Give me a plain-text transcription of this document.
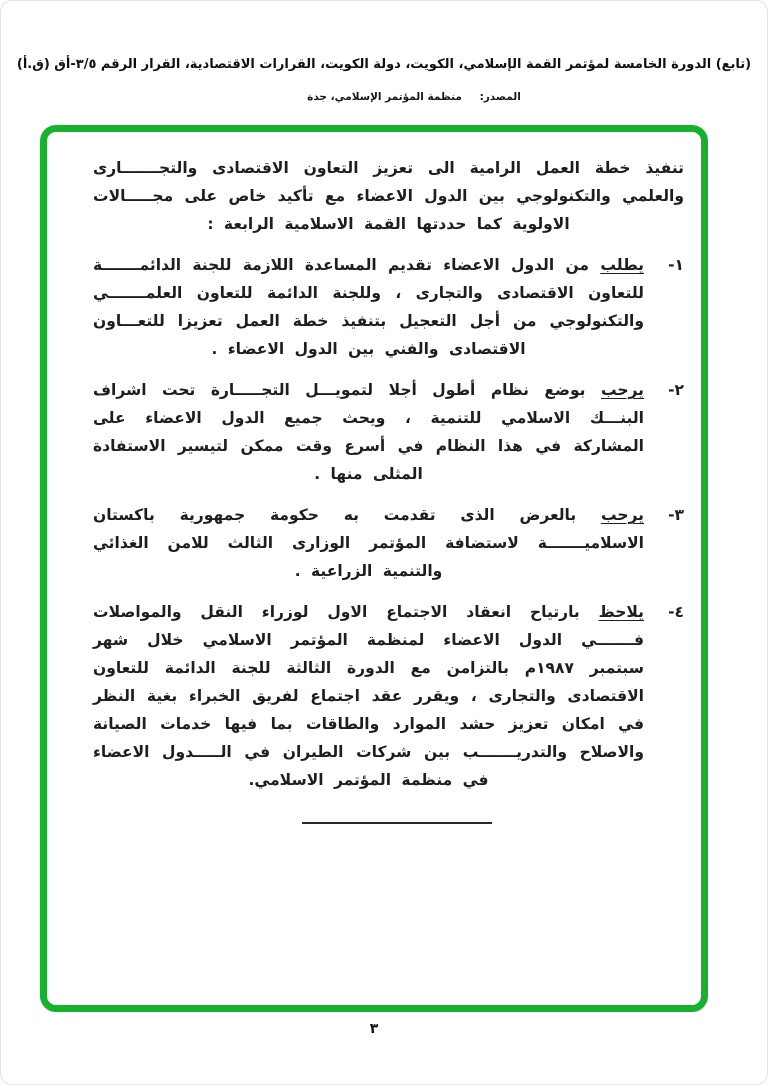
(تابع) الدورة الخامسة لمؤتمر القمة الإسلامي، الكويت، دولة الكويت، القرارات الاقتصادية، القرار الرقم ٣/٥-أق (ق.أ)
المصدر: منظمة المؤتمر الإسلامي، جدة

تنفيذ خطة العمل الرامية الى تعزيز التعاون الاقتصادى والتجـــــــارى والعلمي والتكنولوجي بين الدول الاعضاء مع تأكيد خاص على مجـــــالات

الاولوية كما حددتها القمة الاسلامية الرابعة :

١-
يطلب من الدول الاعضاء تقديم المساعدة اللازمة للجنة الدائمـــــــة للتعاون الاقتصادى والتجارى ، وللجنة الدائمة للتعاون العلمـــــــي والتكنولوجي من أجل التعجيل بتنفيذ خطة العمل تعزيزا للتعـــاون الاقتصادى والفني بين الدول الاعضاء .
٢-
يرحب بوضع نظام أطول أجلا لتمويـــل التجـــــارة تحت اشراف البنـــك الاسلامي للتنمية ، ويحث جميع الدول الاعضاء على المشاركة في هذا النظام في أسرع وقت ممكن لتيسير الاستفادة المثلى منها .
٣-
يرحب بالعرض الذى تقدمت به حكومة جمهورية باكستان الاسلاميـــــــة لاستضافة المؤتمر الوزارى الثالث للامن الغذائي والتنمية الزراعية .
٤-
يلاحظ بارتياح انعقاد الاجتماع الاول لوزراء النقل والمواصلات فـــــــي الدول الاعضاء لمنظمة المؤتمر الاسلامي خلال شهر سبتمبر ١٩٨٧م بالتزامن مع الدورة الثالثة للجنة الدائمة للتعاون الاقتصادى والتجارى ، ويقرر عقد اجتماع لفريق الخبراء بغية النظر في امكان تعزيز حشد الموارد والطاقات بما فيها خدمات الصيانة والاصلاح والتدريـــــــب بين شركات الطيران في الـــــدول الاعضاء في منظمة المؤتمر الاسلامي.
٣
